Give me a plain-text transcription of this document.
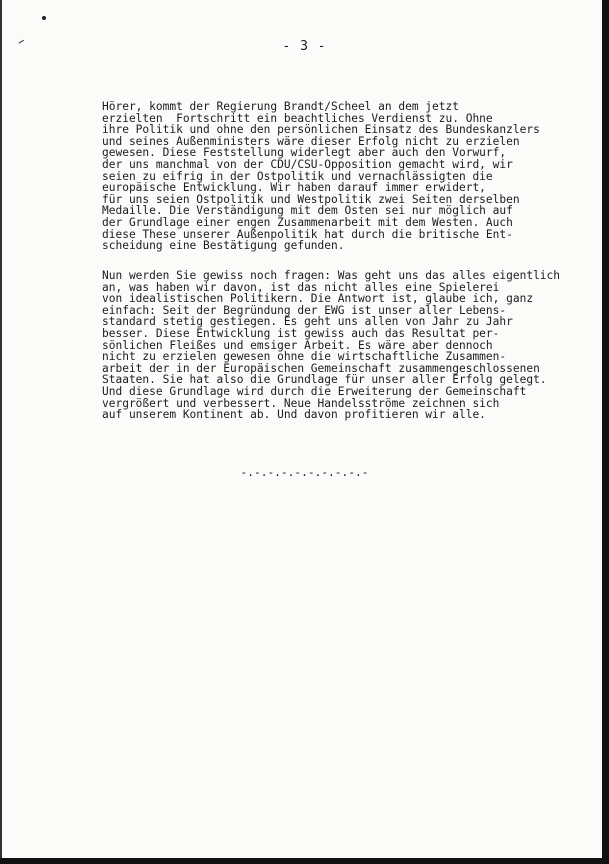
- 3 -
Hörer, kommt der Regierung Brandt/Scheel an dem jetzt
erzielten  Fortschritt ein beachtliches Verdienst zu. Ohne
ihre Politik und ohne den persönlichen Einsatz des Bundeskanzlers
und seines Außenministers wäre dieser Erfolg nicht zu erzielen
gewesen. Diese Feststellung widerlegt aber auch den Vorwurf,
der uns manchmal von der CDU/CSU-Opposition gemacht wird, wir
seien zu eifrig in der Ostpolitik und vernachlässigten die
europäische Entwicklung. Wir haben darauf immer erwidert,
für uns seien Ostpolitik und Westpolitik zwei Seiten derselben
Medaille. Die Verständigung mit dem Osten sei nur möglich auf
der Grundlage einer engen Zusammenarbeit mit dem Westen. Auch
diese These unserer Außenpolitik hat durch die britische Ent-
scheidung eine Bestätigung gefunden.
Nun werden Sie gewiss noch fragen: Was geht uns das alles eigentlich
an, was haben wir davon, ist das nicht alles eine Spielerei
von idealistischen Politikern. Die Antwort ist, glaube ich, ganz
einfach: Seit der Begründung der EWG ist unser aller Lebens-
standard stetig gestiegen. Es geht uns allen von Jahr zu Jahr
besser. Diese Entwicklung ist gewiss auch das Resultat per-
sönlichen Fleißes und emsiger Arbeit. Es wäre aber dennoch
nicht zu erzielen gewesen ohne die wirtschaftliche Zusammen-
arbeit der in der Europäischen Gemeinschaft zusammengeschlossenen
Staaten. Sie hat also die Grundlage für unser aller Erfolg gelegt.
Und diese Grundlage wird durch die Erweiterung der Gemeinschaft
vergrößert und verbessert. Neue Handelsströme zeichnen sich
auf unserem Kontinent ab. Und davon profitieren wir alle.
-.-.-.-.-.-.-.-.-.-
